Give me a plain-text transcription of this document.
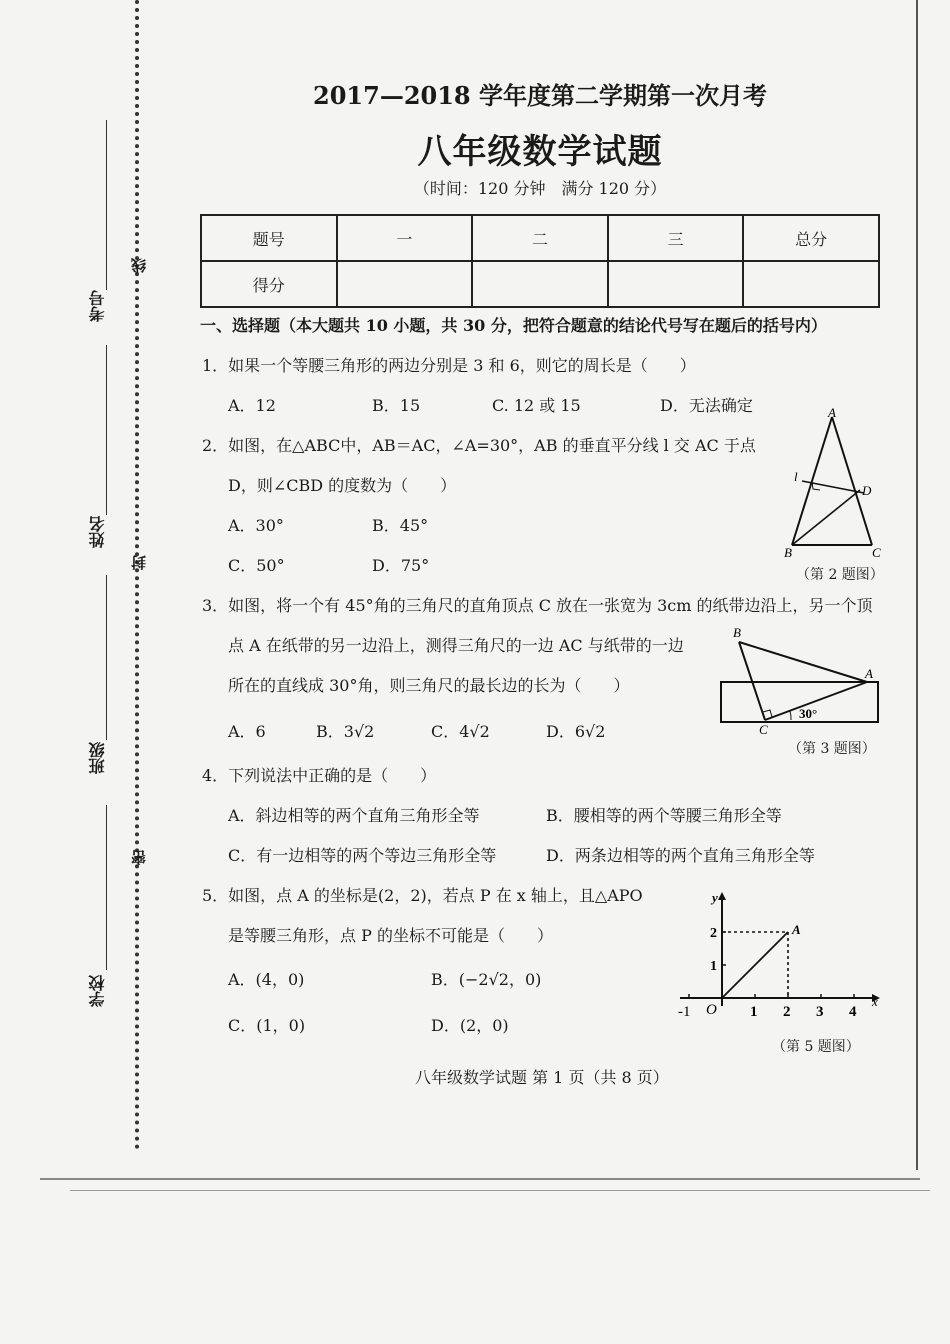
考号
线
姓名
封
班级
密
学校
2017—2018 学年度第二学期第一次月考
八年级数学试题
（时间：120 分钟　满分 120 分）
题号	一	二	三	总分
得分				
一、选择题（本大题共 10 小题，共 30 分，把符合题意的结论代号写在题后的括号内）
1．如果一个等腰三角形的两边分别是 3 和 6，则它的周长是（　　）
A．12	B．15	C. 12 或 15	D．无法确定
2．如图，在△ABC中，AB＝AC，∠A=30°，AB 的垂直平分线 l 交 AC 于点
D，则∠CBD 的度数为（　　）
A．30°	B．45°
C．50°	D．75°
A
l
D
B	C
（第 2 题图）
3．如图，将一个有 45°角的三角尺的直角顶点 C 放在一张宽为 3cm 的纸带边沿上，另一个顶
点 A 在纸带的另一边沿上，测得三角尺的一边 AC 与纸带的一边
所在的直线成 30°角，则三角尺的最长边的长为（　　）
A．6	B．3√2	C．4√2	D．6√2
B
A
C
30°
（第 3 题图）
4．下列说法中正确的是（　　）
A．斜边相等的两个直角三角形全等	B．腰相等的两个等腰三角形全等
C．有一边相等的两个等边三角形全等	D．两条边相等的两个直角三角形全等
5．如图，点 A 的坐标是(2，2)，若点 P 在 x 轴上，且△APO
是等腰三角形，点 P 的坐标不可能是（　　）
A．(4，0)	B．(−2√2，0)
C．(1，0)	D．(2，0)
y
x
A
O
-1	1 2 3 4
1
2
（第 5 题图）
八年级数学试题 第 1 页（共 8 页）
